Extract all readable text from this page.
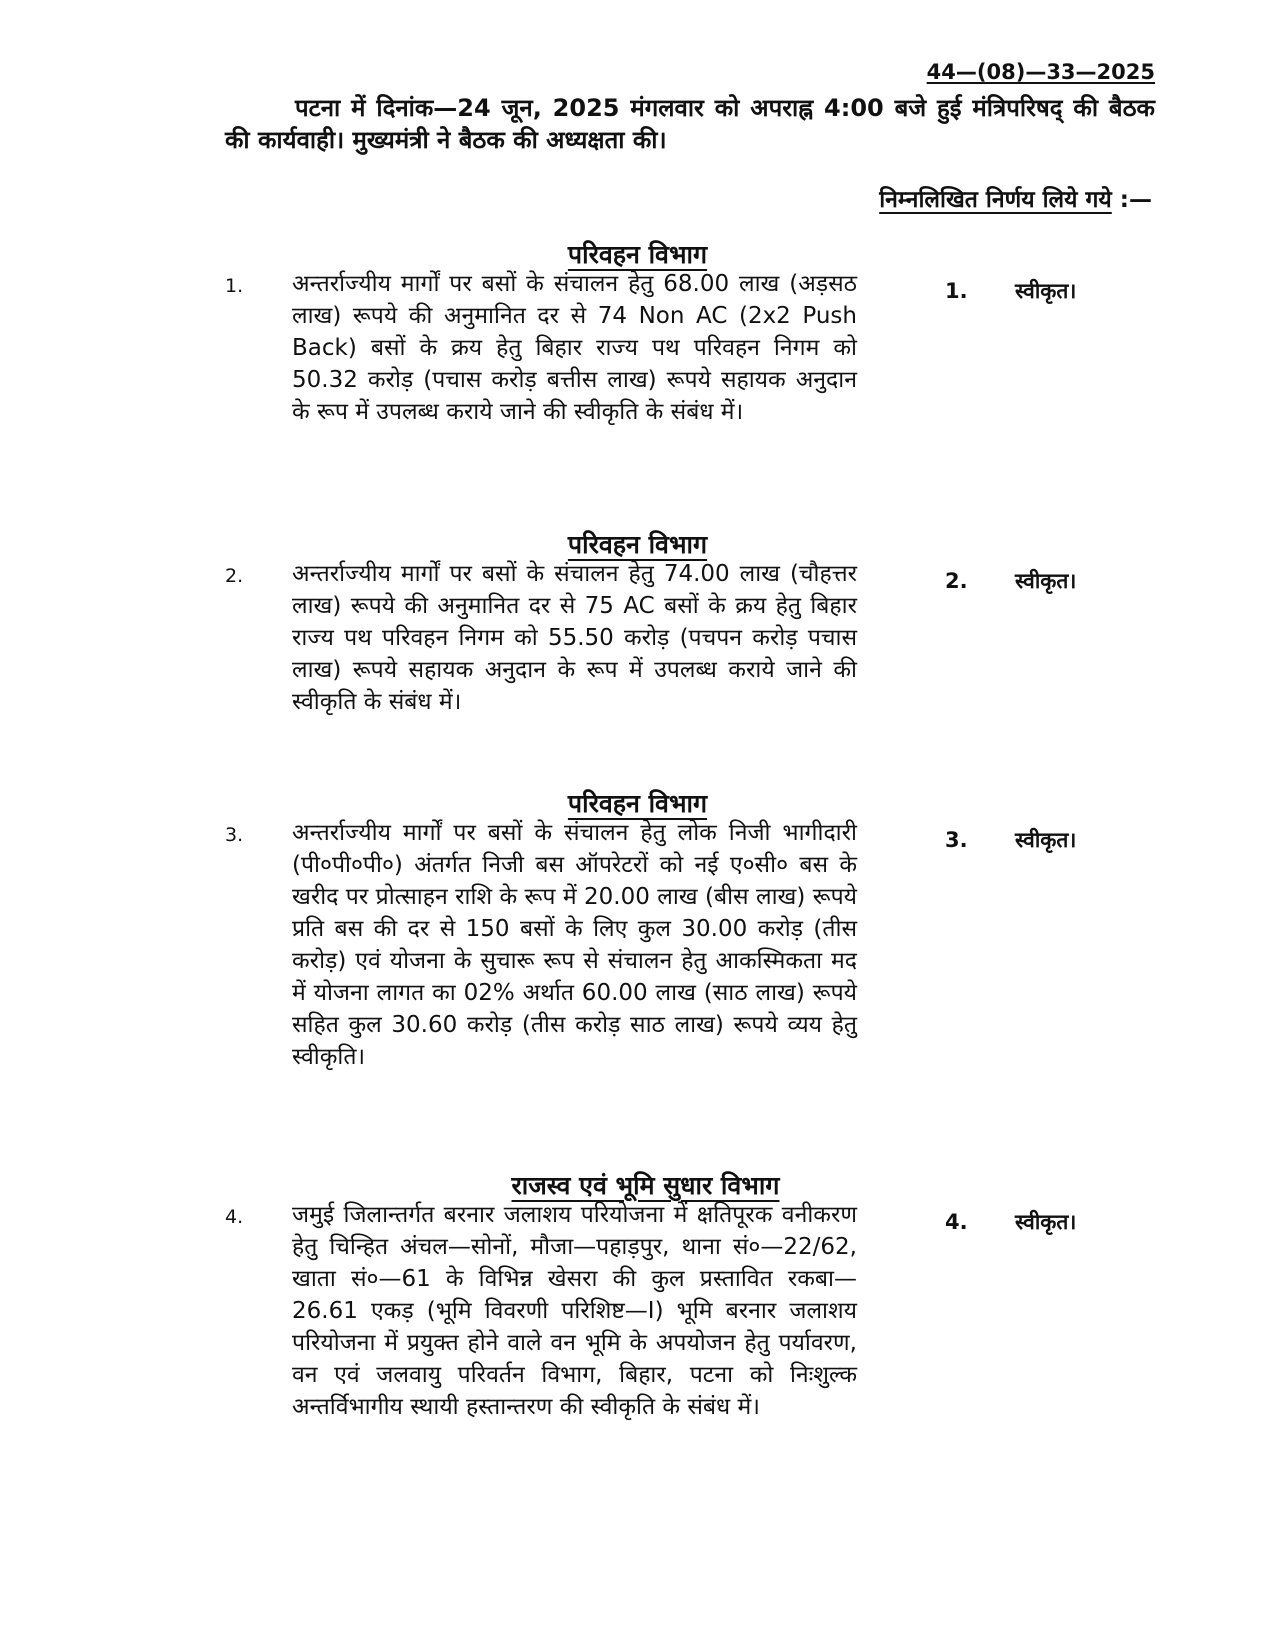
44—(08)—33—2025
पटना में दिनांक—24 जून, 2025 मंगलवार को अपराह्न 4:00 बजे हुई मंत्रिपरिषद् की बैठक की कार्यवाही। मुख्यमंत्री ने बैठक की अध्यक्षता की।
निम्नलिखित निर्णय लिये गये :—
परिवहन विभाग
1. अन्तर्राज्यीय मार्गों पर बसों के संचालन हेतु 68.00 लाख (अड़सठ लाख) रूपये की अनुमानित दर से 74 Non AC (2x2 Push Back) बसों के क्रय हेतु बिहार राज्य पथ परिवहन निगम को 50.32 करोड़ (पचास करोड़ बत्तीस लाख) रूपये सहायक अनुदान के रूप में उपलब्ध कराये जाने की स्वीकृति के संबंध में।
1. स्वीकृत।
परिवहन विभाग
2. अन्तर्राज्यीय मार्गों पर बसों के संचालन हेतु 74.00 लाख (चौहत्तर लाख) रूपये की अनुमानित दर से 75 AC बसों के क्रय हेतु बिहार राज्य पथ परिवहन निगम को 55.50 करोड़ (पचपन करोड़ पचास लाख) रूपये सहायक अनुदान के रूप में उपलब्ध कराये जाने की स्वीकृति के संबंध में।
2. स्वीकृत।
परिवहन विभाग
3. अन्तर्राज्यीय मार्गों पर बसों के संचालन हेतु लोक निजी भागीदारी (पी०पी०पी०) अंतर्गत निजी बस ऑपरेटरों को नई ए०सी० बस के खरीद पर प्रोत्साहन राशि के रूप में 20.00 लाख (बीस लाख) रूपये प्रति बस की दर से 150 बसों के लिए कुल 30.00 करोड़ (तीस करोड़) एवं योजना के सुचारू रूप से संचालन हेतु आकस्मिकता मद में योजना लागत का 02% अर्थात 60.00 लाख (साठ लाख) रूपये सहित कुल 30.60 करोड़ (तीस करोड़ साठ लाख) रूपये व्यय हेतु स्वीकृति।
3. स्वीकृत।
राजस्व एवं भूमि सुधार विभाग
4. जमुई जिलान्तर्गत बरनार जलाशय परियोजना में क्षतिपूरक वनीकरण हेतु चिन्हित अंचल—सोनों, मौजा—पहाड़पुर, थाना सं०—22/62, खाता सं०—61 के विभिन्न खेसरा की कुल प्रस्तावित रकबा—26.61 एकड़ (भूमि विवरणी परिशिष्ट—I) भूमि बरनार जलाशय परियोजना में प्रयुक्त होने वाले वन भूमि के अपयोजन हेतु पर्यावरण, वन एवं जलवायु परिवर्तन विभाग, बिहार, पटना को निःशुल्क अन्तर्विभागीय स्थायी हस्तान्तरण की स्वीकृति के संबंध में।
4. स्वीकृत।
